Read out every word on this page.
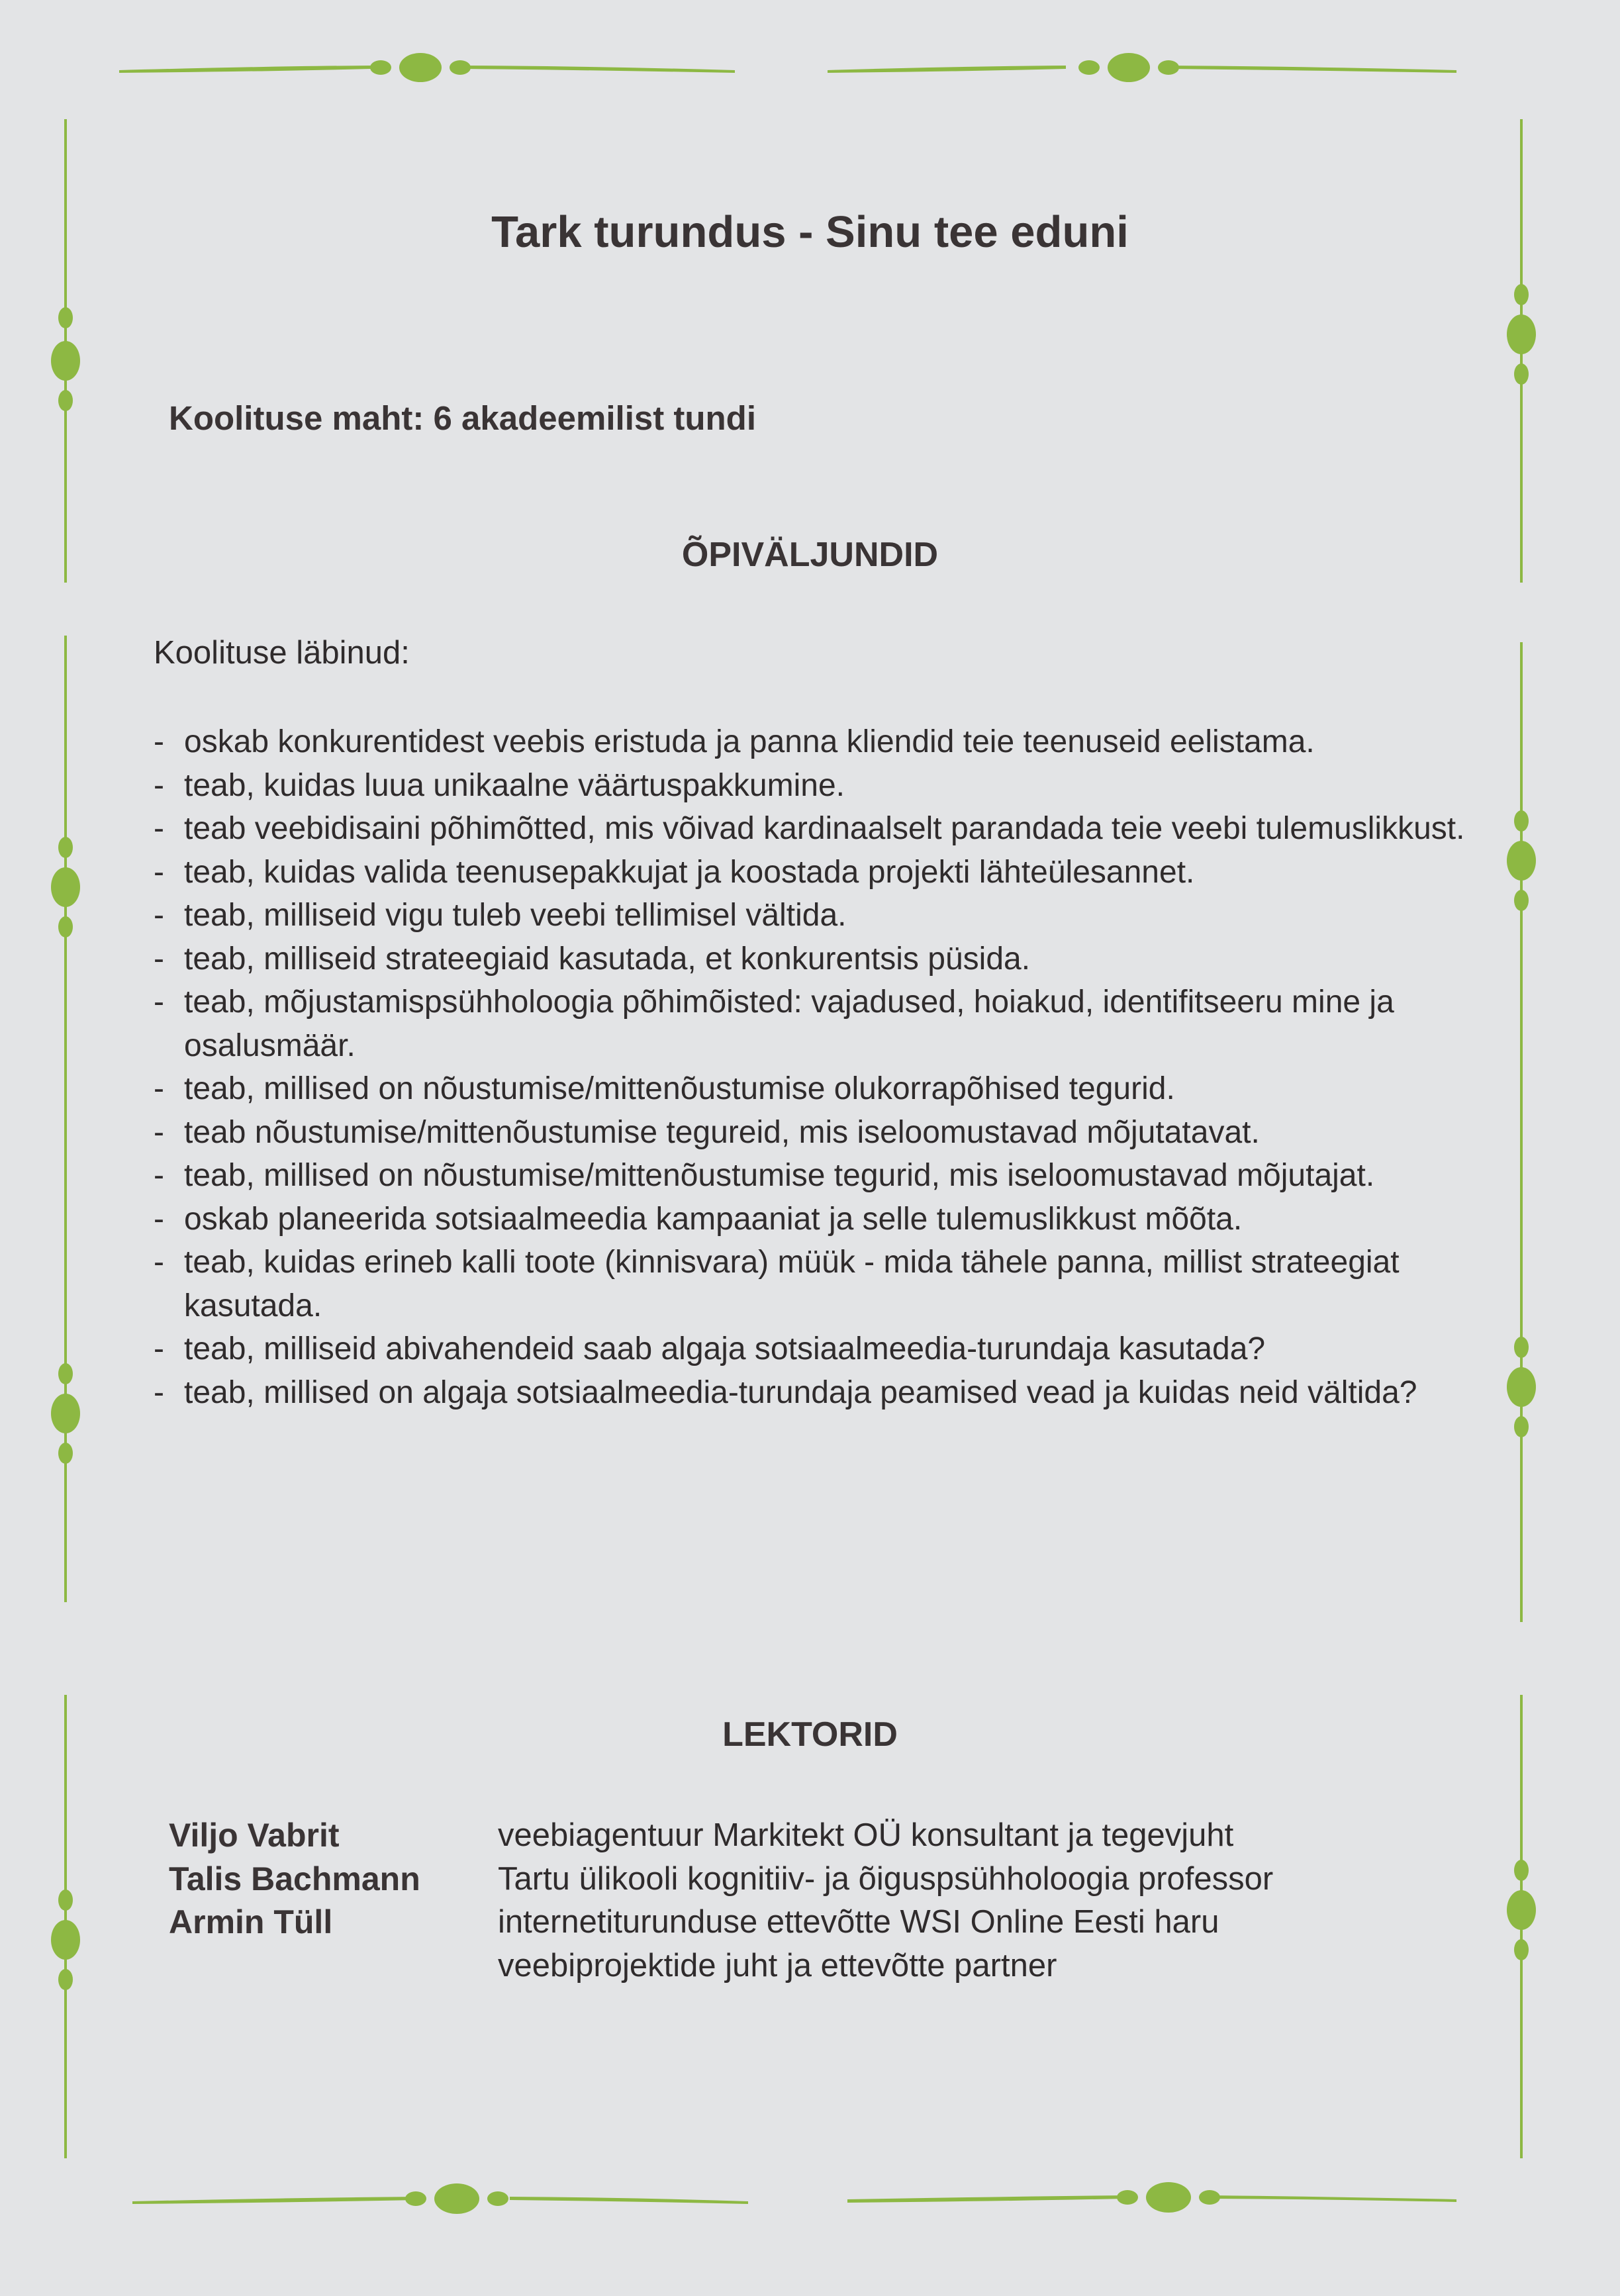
Tark turundus - Sinu tee eduni
Koolituse maht: 6 akadeemilist tundi
ÕPIVÄLJUNDID
Koolituse läbinud:
- oskab konkurentidest veebis eristuda ja panna kliendid teie teenuseid eelistama.
- teab, kuidas luua unikaalne väärtuspakkumine.
- teab veebidisaini põhimõtted, mis võivad kardinaalselt parandada teie veebi tulemuslikkust.
- teab, kuidas valida teenusepakkujat ja koostada projekti lähteülesannet.
- teab, milliseid vigu tuleb veebi tellimisel vältida.
- teab, milliseid strateegiaid kasutada, et konkurentsis püsida.
- teab, mõjustamispsühholoogia põhimõisted: vajadused, hoiakud, identifitseeru mine ja osalusmäär.
- teab, millised on nõustumise/mittenõustumise olukorrapõhised tegurid.
- teab nõustumise/mittenõustumise tegureid, mis iseloomustavad mõjutatavat.
- teab, millised on nõustumise/mittenõustumise tegurid, mis iseloomustavad mõjutajat.
- oskab planeerida sotsiaalmeedia kampaaniat ja selle tulemuslikkust mõõta.
- teab, kuidas erineb kalli toote (kinnisvara) müük - mida tähele panna, millist strateegiat kasutada.
- teab, milliseid abivahendeid saab algaja sotsiaalmeedia-turundaja kasutada?
- teab, millised on algaja sotsiaalmeedia-turundaja peamised vead ja kuidas neid vältida?
LEKTORID
Viljo Vabrit
Talis Bachmann
Armin Tüll
veebiagentuur Markitekt OÜ konsultant ja tegevjuht
Tartu ülikooli kognitiiv- ja õiguspsühholoogia professor
internetiturunduse ettevõtte WSI Online Eesti haru
veebiprojektide juht ja ettevõtte partner
